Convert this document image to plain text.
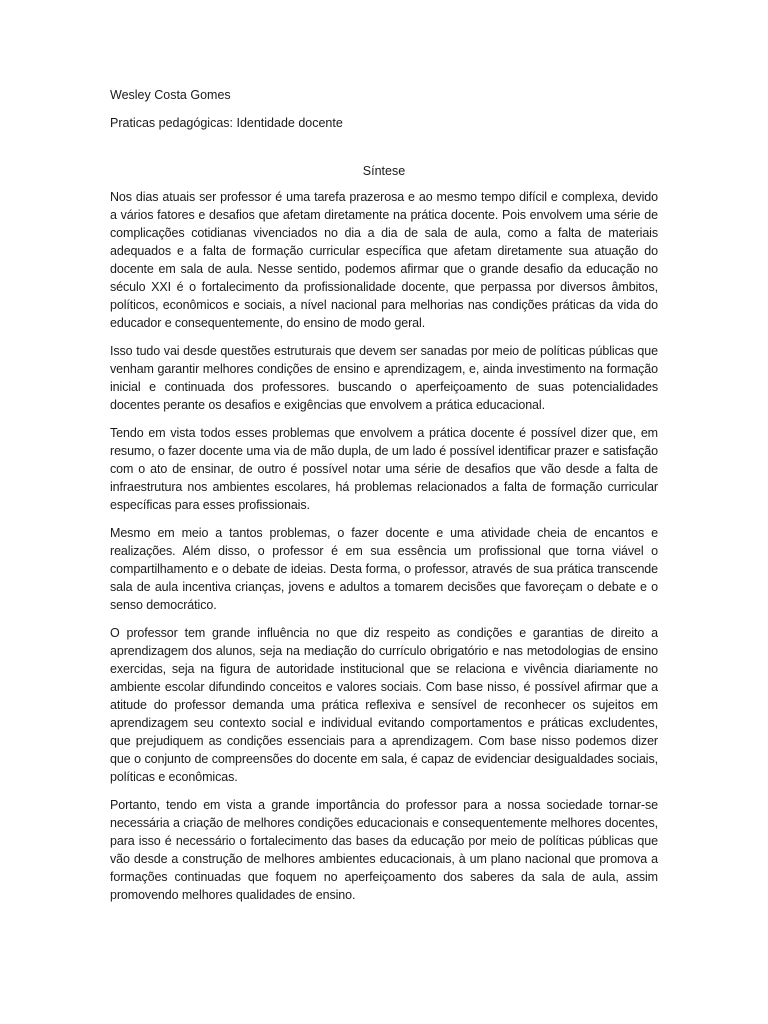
Wesley Costa Gomes

Praticas pedagógicas: Identidade docente

Síntese

Nos dias atuais ser professor é uma tarefa prazerosa e ao mesmo tempo difícil e complexa, devido a vários fatores e desafios que afetam diretamente na prática docente. Pois envolvem uma série de complicações cotidianas vivenciados no dia a dia de sala de aula, como a falta de materiais adequados e a falta de formação curricular específica que afetam diretamente sua atuação do docente em sala de aula. Nesse sentido, podemos afirmar que o grande desafio da educação no século XXI é o fortalecimento da profissionalidade docente, que perpassa por diversos âmbitos, políticos, econômicos e sociais, a nível nacional para melhorias nas condições práticas da vida do educador e consequentemente, do ensino de modo geral.

Isso tudo vai desde questões estruturais que devem ser sanadas por meio de políticas públicas que venham garantir melhores condições de ensino e aprendizagem, e, ainda investimento na formação inicial e continuada dos professores. buscando o aperfeiçoamento de suas potencialidades docentes perante os desafios e exigências que envolvem a prática educacional.

Tendo em vista todos esses problemas que envolvem a prática docente é possível dizer que, em resumo, o fazer docente uma via de mão dupla, de um lado é possível identificar prazer e satisfação com o ato de ensinar, de outro é possível notar uma série de desafios que vão desde a falta de infraestrutura nos ambientes escolares, há problemas relacionados a falta de formação curricular específicas para esses profissionais.

Mesmo em meio a tantos problemas, o fazer docente e uma atividade cheia de encantos e realizações. Além disso, o professor é em sua essência um profissional que torna viável o compartilhamento e o debate de ideias. Desta forma, o professor, através de sua prática transcende sala de aula incentiva crianças, jovens e adultos a tomarem decisões que favoreçam o debate e o senso democrático.

O professor tem grande influência no que diz respeito as condições e garantias de direito a aprendizagem dos alunos, seja na mediação do currículo obrigatório e nas metodologias de ensino exercidas, seja na figura de autoridade institucional que se relaciona e vivência diariamente no ambiente escolar difundindo conceitos e valores sociais. Com base nisso, é possível afirmar que a atitude do professor demanda uma prática reflexiva e sensível de reconhecer os sujeitos em aprendizagem seu contexto social e individual evitando comportamentos e práticas excludentes, que prejudiquem as condições essenciais para a aprendizagem. Com base nisso podemos dizer que o conjunto de compreensões do docente em sala, é capaz de evidenciar desigualdades sociais, políticas e econômicas.

Portanto, tendo em vista a grande importância do professor para a nossa sociedade tornar-se necessária a criação de melhores condições educacionais e consequentemente melhores docentes, para isso é necessário o fortalecimento das bases da educação por meio de políticas públicas que vão desde a construção de melhores ambientes educacionais, à um plano nacional que promova a formações continuadas que foquem no aperfeiçoamento dos saberes da sala de aula, assim promovendo melhores qualidades de ensino.
